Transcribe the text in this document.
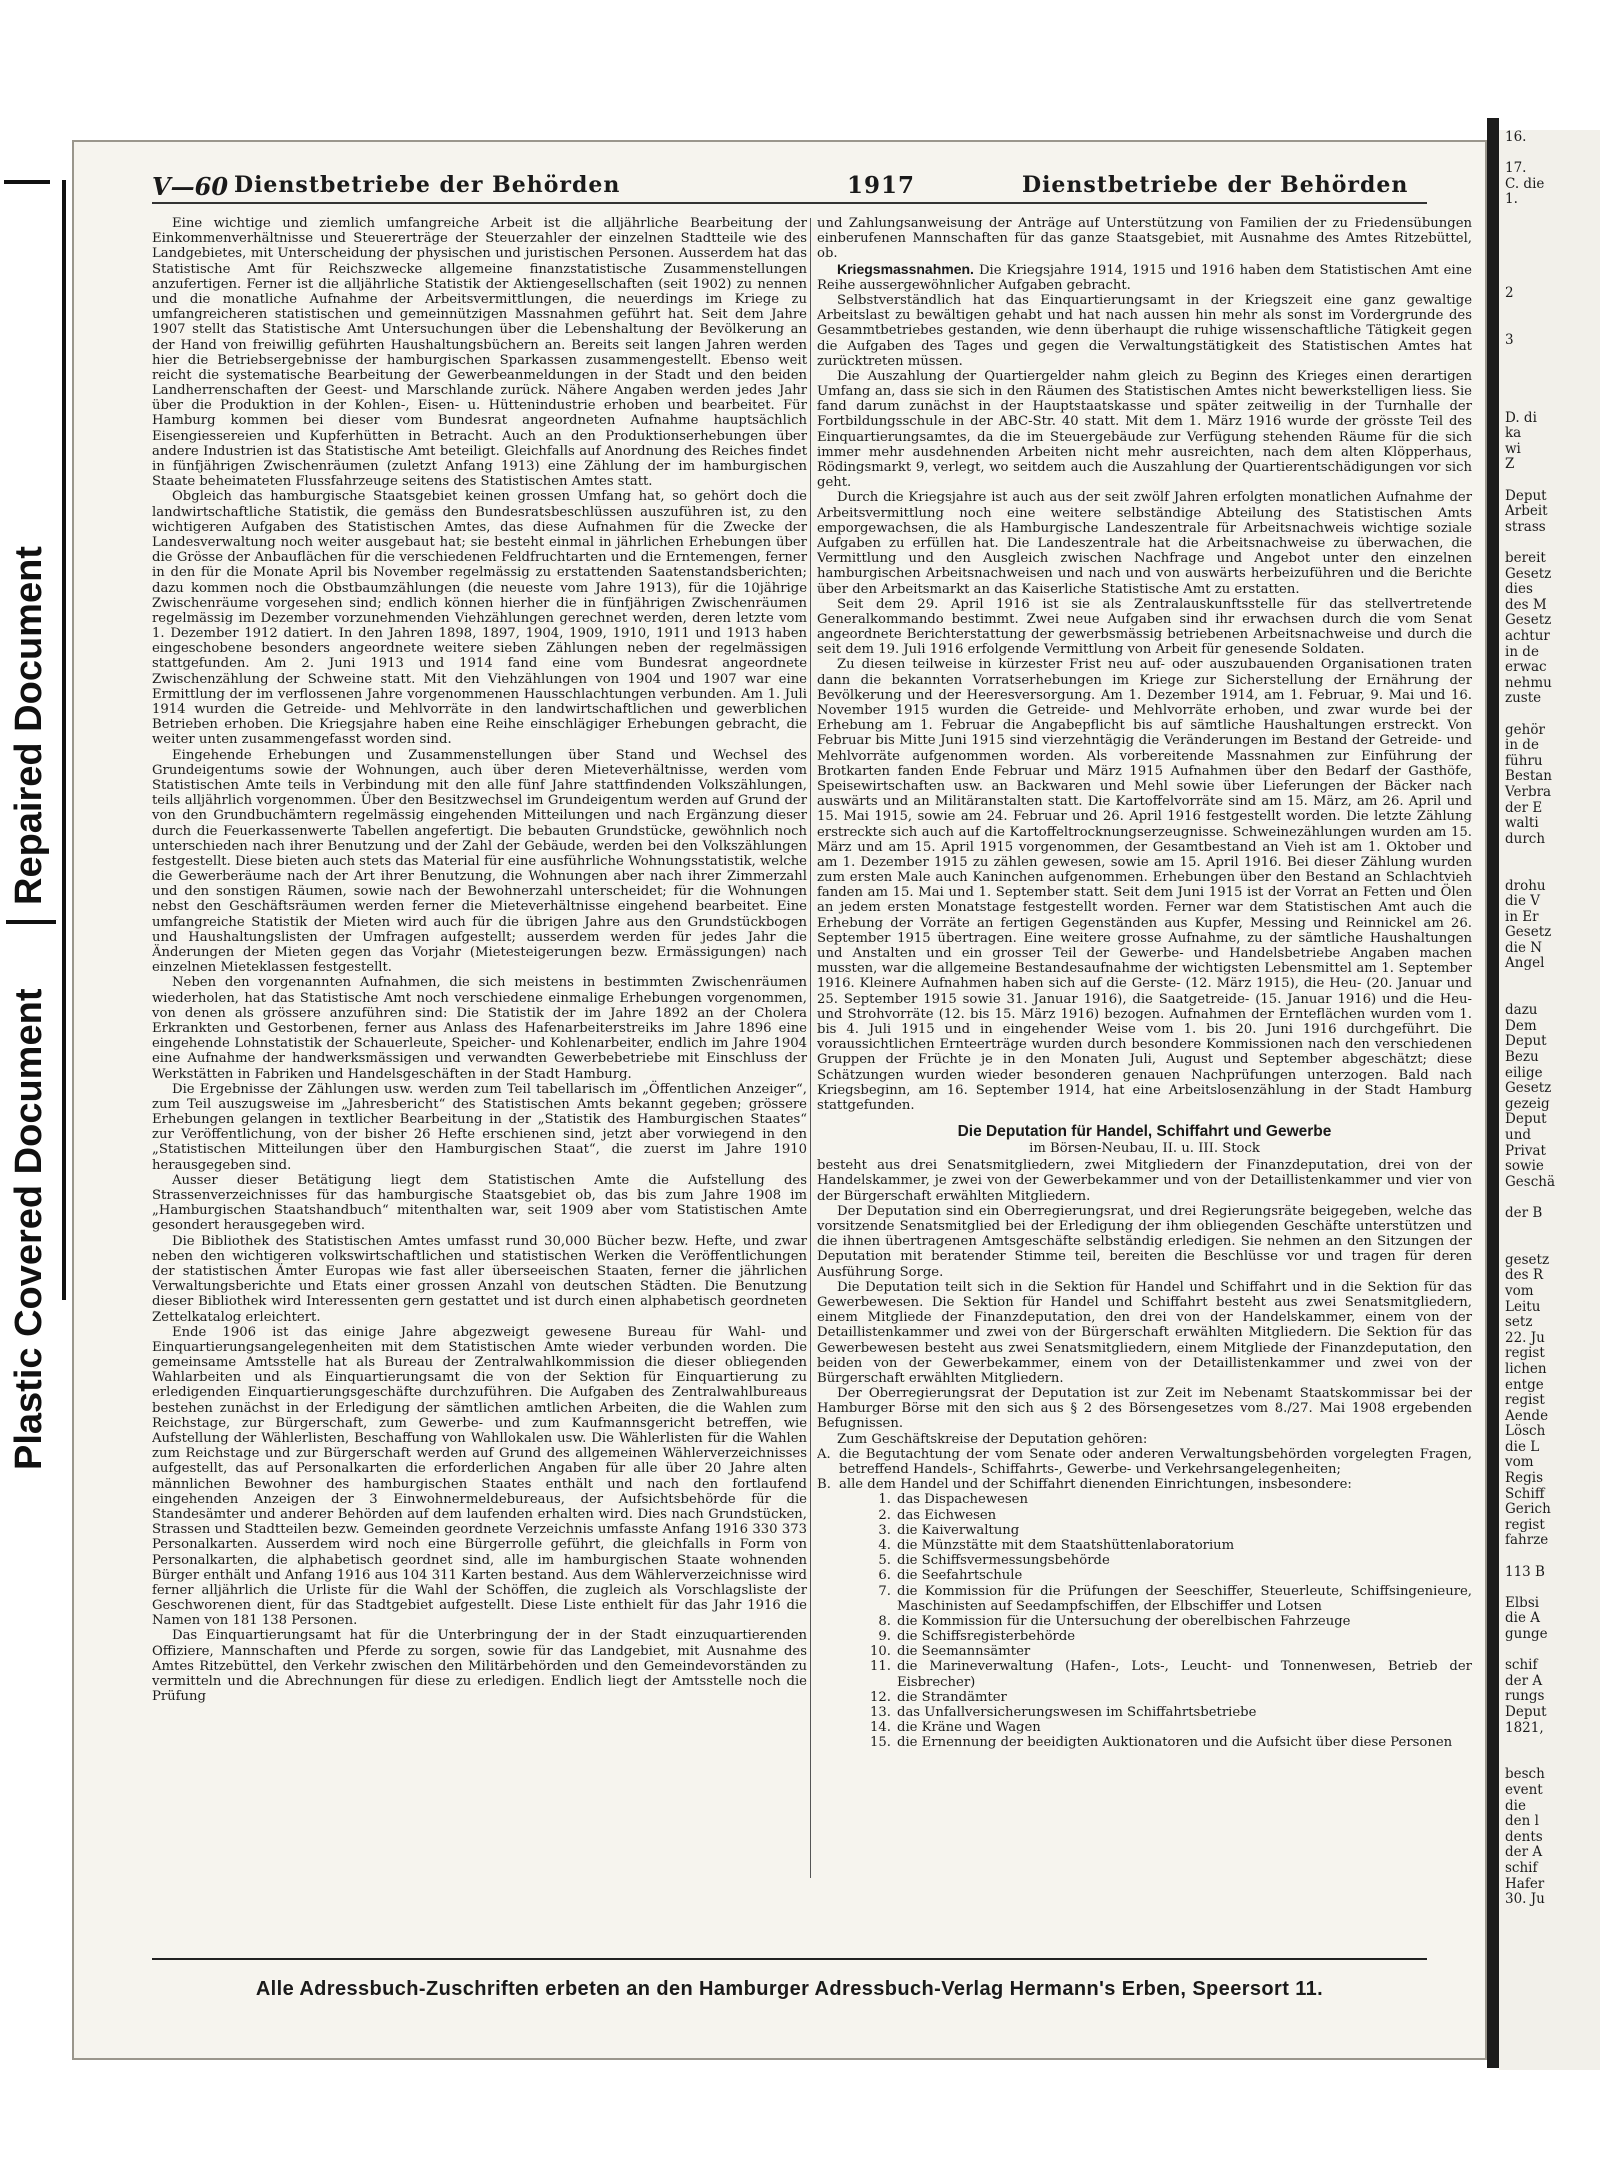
Repaired Document
Plastic Covered Document
V—60 Dienstbetriebe der Behörden	1917	Dienstbetriebe der Behörden

Eine wichtige und ziemlich umfangreiche Arbeit ist die alljährliche Bearbeitung der Einkommenverhältnisse und Steuererträge der Steuerzahler der einzelnen Stadtteile wie des Landgebietes, mit Unterscheidung der physischen und juristischen Personen. Ausserdem hat das Statistische Amt für Reichszwecke allgemeine finanzstatistische Zusammenstellungen anzufertigen. Ferner ist die alljährliche Statistik der Aktiengesellschaften (seit 1902) zu nennen und die monatliche Aufnahme der Arbeitsvermittlungen, die neuerdings im Kriege zu umfangreicheren statistischen und gemeinnützigen Massnahmen geführt hat. Seit dem Jahre 1907 stellt das Statistische Amt Untersuchungen über die Lebenshaltung der Bevölkerung an der Hand von freiwillig geführten Haushaltungsbüchern an. Bereits seit langen Jahren werden hier die Betriebsergebnisse der hamburgischen Sparkassen zusammengestellt. Ebenso weit reicht die systematische Bearbeitung der Gewerbeanmeldungen in der Stadt und den beiden Landherrenschaften der Geest- und Marschlande zurück. Nähere Angaben werden jedes Jahr über die Produktion in der Kohlen-, Eisen- u. Hüttenindustrie erhoben und bearbeitet. Für Hamburg kommen bei dieser vom Bundesrat angeordneten Aufnahme hauptsächlich Eisengiessereien und Kupferhütten in Betracht. Auch an den Produktionserhebungen über andere Industrien ist das Statistische Amt beteiligt. Gleichfalls auf Anordnung des Reiches findet in fünfjährigen Zwischenräumen (zuletzt Anfang 1913) eine Zählung der im hamburgischen Staate beheimateten Flussfahrzeuge seitens des Statistischen Amtes statt.

Obgleich das hamburgische Staatsgebiet keinen grossen Umfang hat, so gehört doch die landwirtschaftliche Statistik, die gemäss den Bundesratsbeschlüssen auszuführen ist, zu den wichtigeren Aufgaben des Statistischen Amtes, das diese Aufnahmen für die Zwecke der Landesverwaltung noch weiter ausgebaut hat; sie besteht einmal in jährlichen Erhebungen über die Grösse der Anbauflächen für die verschiedenen Feldfruchtarten und die Erntemengen, ferner in den für die Monate April bis November regelmässig zu erstattenden Saatenstandsberichten; dazu kommen noch die Obstbaumzählungen (die neueste vom Jahre 1913), für die 10jährige Zwischenräume vorgesehen sind; endlich können hierher die in fünfjährigen Zwischenräumen regelmässig im Dezember vorzunehmenden Viehzählungen gerechnet werden, deren letzte vom 1. Dezember 1912 datiert. In den Jahren 1898, 1897, 1904, 1909, 1910, 1911 und 1913 haben eingeschobene besonders angeordnete weitere sieben Zählungen neben der regelmässigen stattgefunden. Am 2. Juni 1913 und 1914 fand eine vom Bundesrat angeordnete Zwischenzählung der Schweine statt. Mit den Viehzählungen von 1904 und 1907 war eine Ermittlung der im verflossenen Jahre vorgenommenen Hausschlachtungen verbunden. Am 1. Juli 1914 wurden die Getreide- und Mehlvorräte in den landwirtschaftlichen und gewerblichen Betrieben erhoben. Die Kriegsjahre haben eine Reihe einschlägiger Erhebungen gebracht, die weiter unten zusammengefasst worden sind.

Eingehende Erhebungen und Zusammenstellungen über Stand und Wechsel des Grundeigentums sowie der Wohnungen, auch über deren Mieteverhältnisse, werden vom Statistischen Amte teils in Verbindung mit den alle fünf Jahre stattfindenden Volkszählungen, teils alljährlich vorgenommen. Über den Besitzwechsel im Grundeigentum werden auf Grund der von den Grundbuchämtern regelmässig eingehenden Mitteilungen und nach Ergänzung dieser durch die Feuerkassenwerte Tabellen angefertigt. Die bebauten Grundstücke, gewöhnlich noch unterschieden nach ihrer Benutzung und der Zahl der Gebäude, werden bei den Volkszählungen festgestellt. Diese bieten auch stets das Material für eine ausführliche Wohnungsstatistik, welche die Gewerberäume nach der Art ihrer Benutzung, die Wohnungen aber nach ihrer Zimmerzahl und den sonstigen Räumen, sowie nach der Bewohnerzahl unterscheidet; für die Wohnungen nebst den Geschäftsräumen werden ferner die Mieteverhältnisse eingehend bearbeitet. Eine umfangreiche Statistik der Mieten wird auch für die übrigen Jahre aus den Grundstückbogen und Haushaltungslisten der Umfragen aufgestellt; ausserdem werden für jedes Jahr die Änderungen der Mieten gegen das Vorjahr (Mietesteigerungen bezw. Ermässigungen) nach einzelnen Mieteklassen festgestellt.

Neben den vorgenannten Aufnahmen, die sich meistens in bestimmten Zwischenräumen wiederholen, hat das Statistische Amt noch verschiedene einmalige Erhebungen vorgenommen, von denen als grössere anzuführen sind: Die Statistik der im Jahre 1892 an der Cholera Erkrankten und Gestorbenen, ferner aus Anlass des Hafenarbeiterstreiks im Jahre 1896 eine eingehende Lohnstatistik der Schauerleute, Speicher- und Kohlenarbeiter, endlich im Jahre 1904 eine Aufnahme der handwerksmässigen und verwandten Gewerbebetriebe mit Einschluss der Werkstätten in Fabriken und Handelsgeschäften in der Stadt Hamburg.

Die Ergebnisse der Zählungen usw. werden zum Teil tabellarisch im „Öffentlichen Anzeiger“, zum Teil auszugsweise im „Jahresbericht“ des Statistischen Amts bekannt gegeben; grössere Erhebungen gelangen in textlicher Bearbeitung in der „Statistik des Hamburgischen Staates“ zur Veröffentlichung, von der bisher 26 Hefte erschienen sind, jetzt aber vorwiegend in den „Statistischen Mitteilungen über den Hamburgischen Staat“, die zuerst im Jahre 1910 herausgegeben sind.

Ausser dieser Betätigung liegt dem Statistischen Amte die Aufstellung des Strassenverzeichnisses für das hamburgische Staatsgebiet ob, das bis zum Jahre 1908 im „Hamburgischen Staatshandbuch“ mitenthalten war, seit 1909 aber vom Statistischen Amte gesondert herausgegeben wird.

Die Bibliothek des Statistischen Amtes umfasst rund 30,000 Bücher bezw. Hefte, und zwar neben den wichtigeren volkswirtschaftlichen und statistischen Werken die Veröffentlichungen der statistischen Ämter Europas wie fast aller überseeischen Staaten, ferner die jährlichen Verwaltungsberichte und Etats einer grossen Anzahl von deutschen Städten. Die Benutzung dieser Bibliothek wird Interessenten gern gestattet und ist durch einen alphabetisch geordneten Zettelkatalog erleichtert.

Ende 1906 ist das einige Jahre abgezweigt gewesene Bureau für Wahl- und Einquartierungsangelegenheiten mit dem Statistischen Amte wieder verbunden worden. Die gemeinsame Amtsstelle hat als Bureau der Zentralwahlkommission die dieser obliegenden Wahlarbeiten und als Einquartierungsamt die von der Sektion für Einquartierung zu erledigenden Einquartierungsgeschäfte durchzuführen. Die Aufgaben des Zentralwahlbureaus bestehen zunächst in der Erledigung der sämtlichen amtlichen Arbeiten, die die Wahlen zum Reichstage, zur Bürgerschaft, zum Gewerbe- und zum Kaufmannsgericht betreffen, wie Aufstellung der Wählerlisten, Beschaffung von Wahllokalen usw. Die Wählerlisten für die Wahlen zum Reichstage und zur Bürgerschaft werden auf Grund des allgemeinen Wählerverzeichnisses aufgestellt, das auf Personalkarten die erforderlichen Angaben für alle über 20 Jahre alten männlichen Bewohner des hamburgischen Staates enthält und nach den fortlaufend eingehenden Anzeigen der 3 Einwohnermeldebureaus, der Aufsichtsbehörde für die Standesämter und anderer Behörden auf dem laufenden erhalten wird. Dies nach Grundstücken, Strassen und Stadtteilen bezw. Gemeinden geordnete Verzeichnis umfasste Anfang 1916 330 373 Personalkarten. Ausserdem wird noch eine Bürgerrolle geführt, die gleichfalls in Form von Personalkarten, die alphabetisch geordnet sind, alle im hamburgischen Staate wohnenden Bürger enthält und Anfang 1916 aus 104 311 Karten bestand. Aus dem Wählerverzeichnisse wird ferner alljährlich die Urliste für die Wahl der Schöffen, die zugleich als Vorschlagsliste der Geschworenen dient, für das Stadtgebiet aufgestellt. Diese Liste enthielt für das Jahr 1916 die Namen von 181 138 Personen.

Das Einquartierungsamt hat für die Unterbringung der in der Stadt einzuquartierenden Offiziere, Mannschaften und Pferde zu sorgen, sowie für das Landgebiet, mit Ausnahme des Amtes Ritzebüttel, den Verkehr zwischen den Militärbehörden und den Gemeindevorständen zu vermitteln und die Abrechnungen für diese zu erledigen. Endlich liegt der Amtsstelle noch die Prüfung

und Zahlungsanweisung der Anträge auf Unterstützung von Familien der zu Friedensübungen einberufenen Mannschaften für das ganze Staatsgebiet, mit Ausnahme des Amtes Ritzebüttel, ob.

Kriegsmassnahmen. Die Kriegsjahre 1914, 1915 und 1916 haben dem Statistischen Amt eine Reihe aussergewöhnlicher Aufgaben gebracht.

Selbstverständlich hat das Einquartierungsamt in der Kriegszeit eine ganz gewaltige Arbeitslast zu bewältigen gehabt und hat nach aussen hin mehr als sonst im Vordergrunde des Gesammtbetriebes gestanden, wie denn überhaupt die ruhige wissenschaftliche Tätigkeit gegen die Aufgaben des Tages und gegen die Verwaltungstätigkeit des Statistischen Amtes hat zurücktreten müssen.

Die Auszahlung der Quartiergelder nahm gleich zu Beginn des Krieges einen derartigen Umfang an, dass sie sich in den Räumen des Statistischen Amtes nicht bewerkstelligen liess. Sie fand darum zunächst in der Hauptstaatskasse und später zeitweilig in der Turnhalle der Fortbildungsschule in der ABC-Str. 40 statt. Mit dem 1. März 1916 wurde der grösste Teil des Einquartierungsamtes, da die im Steuergebäude zur Verfügung stehenden Räume für die sich immer mehr ausdehnenden Arbeiten nicht mehr ausreichten, nach dem alten Klöpperhaus, Rödingsmarkt 9, verlegt, wo seitdem auch die Auszahlung der Quartierentschädigungen vor sich geht.

Durch die Kriegsjahre ist auch aus der seit zwölf Jahren erfolgten monatlichen Aufnahme der Arbeitsvermittlung noch eine weitere selbständige Abteilung des Statistischen Amts emporgewachsen, die als Hamburgische Landeszentrale für Arbeitsnachweis wichtige soziale Aufgaben zu erfüllen hat. Die Landeszentrale hat die Arbeitsnachweise zu überwachen, die Vermittlung und den Ausgleich zwischen Nachfrage und Angebot unter den einzelnen hamburgischen Arbeitsnachweisen und nach und von auswärts herbeizuführen und die Berichte über den Arbeitsmarkt an das Kaiserliche Statistische Amt zu erstatten.

Seit dem 29. April 1916 ist sie als Zentralauskunftsstelle für das stellvertretende Generalkommando bestimmt. Zwei neue Aufgaben sind ihr erwachsen durch die vom Senat angeordnete Berichterstattung der gewerbsmässig betriebenen Arbeitsnachweise und durch die seit dem 19. Juli 1916 erfolgende Vermittlung von Arbeit für genesende Soldaten.

Zu diesen teilweise in kürzester Frist neu auf- oder auszubauenden Organisationen traten dann die bekannten Vorratserhebungen im Kriege zur Sicherstellung der Ernährung der Bevölkerung und der Heeresversorgung. Am 1. Dezember 1914, am 1. Februar, 9. Mai und 16. November 1915 wurden die Getreide- und Mehlvorräte erhoben, und zwar wurde bei der Erhebung am 1. Februar die Angabepflicht bis auf sämtliche Haushaltungen erstreckt. Von Februar bis Mitte Juni 1915 sind vierzehntägig die Veränderungen im Bestand der Getreide- und Mehlvorräte aufgenommen worden. Als vorbereitende Massnahmen zur Einführung der Brotkarten fanden Ende Februar und März 1915 Aufnahmen über den Bedarf der Gasthöfe, Speisewirtschaften usw. an Backwaren und Mehl sowie über Lieferungen der Bäcker nach auswärts und an Militäranstalten statt. Die Kartoffelvorräte sind am 15. März, am 26. April und 15. Mai 1915, sowie am 24. Februar und 26. April 1916 festgestellt worden. Die letzte Zählung erstreckte sich auch auf die Kartoffeltrocknungserzeugnisse. Schweinezählungen wurden am 15. März und am 15. April 1915 vorgenommen, der Gesamtbestand an Vieh ist am 1. Oktober und am 1. Dezember 1915 zu zählen gewesen, sowie am 15. April 1916. Bei dieser Zählung wurden zum ersten Male auch Kaninchen aufgenommen. Erhebungen über den Bestand an Schlachtvieh fanden am 15. Mai und 1. September statt. Seit dem Juni 1915 ist der Vorrat an Fetten und Ölen an jedem ersten Monatstage festgestellt worden. Ferner war dem Statistischen Amt auch die Erhebung der Vorräte an fertigen Gegenständen aus Kupfer, Messing und Reinnickel am 26. September 1915 übertragen. Eine weitere grosse Aufnahme, zu der sämtliche Haushaltungen und Anstalten und ein grosser Teil der Gewerbe- und Handelsbetriebe Angaben machen mussten, war die allgemeine Bestandesaufnahme der wichtigsten Lebensmittel am 1. September 1916. Kleinere Aufnahmen haben sich auf die Gerste- (12. März 1915), die Heu- (20. Januar und 25. September 1915 sowie 31. Januar 1916), die Saatgetreide- (15. Januar 1916) und die Heu- und Strohvorräte (12. bis 15. März 1916) bezogen. Aufnahmen der Ernteflächen wurden vom 1. bis 4. Juli 1915 und in eingehender Weise vom 1. bis 20. Juni 1916 durchgeführt. Die voraussichtlichen Ernteerträge wurden durch besondere Kommissionen nach den verschiedenen Gruppen der Früchte je in den Monaten Juli, August und September abgeschätzt; diese Schätzungen wurden wieder besonderen genauen Nachprüfungen unterzogen. Bald nach Kriegsbeginn, am 16. September 1914, hat eine Arbeitslosenzählung in der Stadt Hamburg stattgefunden.

Die Deputation für Handel, Schiffahrt und Gewerbe
im Börsen-Neubau, II. u. III. Stock

besteht aus drei Senatsmitgliedern, zwei Mitgliedern der Finanzdeputation, drei von der Handelskammer, je zwei von der Gewerbekammer und von der Detaillistenkammer und vier von der Bürgerschaft erwählten Mitgliedern.

Der Deputation sind ein Oberregierungsrat, und drei Regierungsräte beigegeben, welche das vorsitzende Senatsmitglied bei der Erledigung der ihm obliegenden Geschäfte unterstützen und die ihnen übertragenen Amtsgeschäfte selbständig erledigen. Sie nehmen an den Sitzungen der Deputation mit beratender Stimme teil, bereiten die Beschlüsse vor und tragen für deren Ausführung Sorge.

Die Deputation teilt sich in die Sektion für Handel und Schiffahrt und in die Sektion für das Gewerbewesen. Die Sektion für Handel und Schiffahrt besteht aus zwei Senatsmitgliedern, einem Mitgliede der Finanzdeputation, den drei von der Handelskammer, einem von der Detaillistenkammer und zwei von der Bürgerschaft erwählten Mitgliedern. Die Sektion für das Gewerbewesen besteht aus zwei Senatsmitgliedern, einem Mitgliede der Finanzdeputation, den beiden von der Gewerbekammer, einem von der Detaillistenkammer und zwei von der Bürgerschaft erwählten Mitgliedern.

Der Oberregierungsrat der Deputation ist zur Zeit im Nebenamt Staatskommissar bei der Hamburger Börse mit den sich aus § 2 des Börsengesetzes vom 8./27. Mai 1908 ergebenden Befugnissen.

Zum Geschäftskreise der Deputation gehören:

A. die Begutachtung der vom Senate oder anderen Verwaltungsbehörden vorgelegten Fragen, betreffend Handels-, Schiffahrts-, Gewerbe- und Verkehrsangelegenheiten;
B. alle dem Handel und der Schiffahrt dienenden Einrichtungen, insbesondere:
1. das Dispachewesen
2. das Eichwesen
3. die Kaiverwaltung
4. die Münzstätte mit dem Staatshüttenlaboratorium
5. die Schiffsvermessungsbehörde
6. die Seefahrtschule
7. die Kommission für die Prüfungen der Seeschiffer, Steuerleute, Schiffsingenieure, Maschinisten auf Seedampfschiffen, der Elbschiffer und Lotsen
8. die Kommission für die Untersuchung der oberelbischen Fahrzeuge
9. die Schiffsregisterbehörde
10. die Seemannsämter
11. die Marineverwaltung (Hafen-, Lots-, Leucht- und Tonnenwesen, Betrieb der Eisbrecher)
12. die Strandämter
13. das Unfallversicherungswesen im Schiffahrtsbetriebe
14. die Kräne und Wagen
15. die Ernennung der beeidigten Auktionatoren und die Aufsicht über diese Personen
Alle Adressbuch-Zuschriften erbeten an den Hamburger Adressbuch-Verlag Hermann's Erben, Speersort 11.
16.

17.
C. die
1.

2

3

D. di
ka
wi
Z

Deput
Arbeit
strass

bereit
Gesetz
dies
des M
Gesetz
achtur
in de
erwac
nehmu
zuste

gehör
in de
führu
Bestan
Verbra
der E
walti
durch

drohu
die V
in Er
Gesetz
die N
Angel

dazu
Dem
Deput
Bezu
eilige
Gesetz
gezeig
Deput
und
Privat
sowie
Geschä

der B

gesetz
des R
vom
Leitu
setz
22. Ju
regist
lichen
entge
regist
Aende
Lösch
die L
vom
Regis
Schiff
Gerich
regist
fahrze

113 B

Elbsi
die A
gunge

schif
der A
rungs
Deput
1821,

besch
event
die
den l
dents
der A
schif
Hafer
30. Ju
